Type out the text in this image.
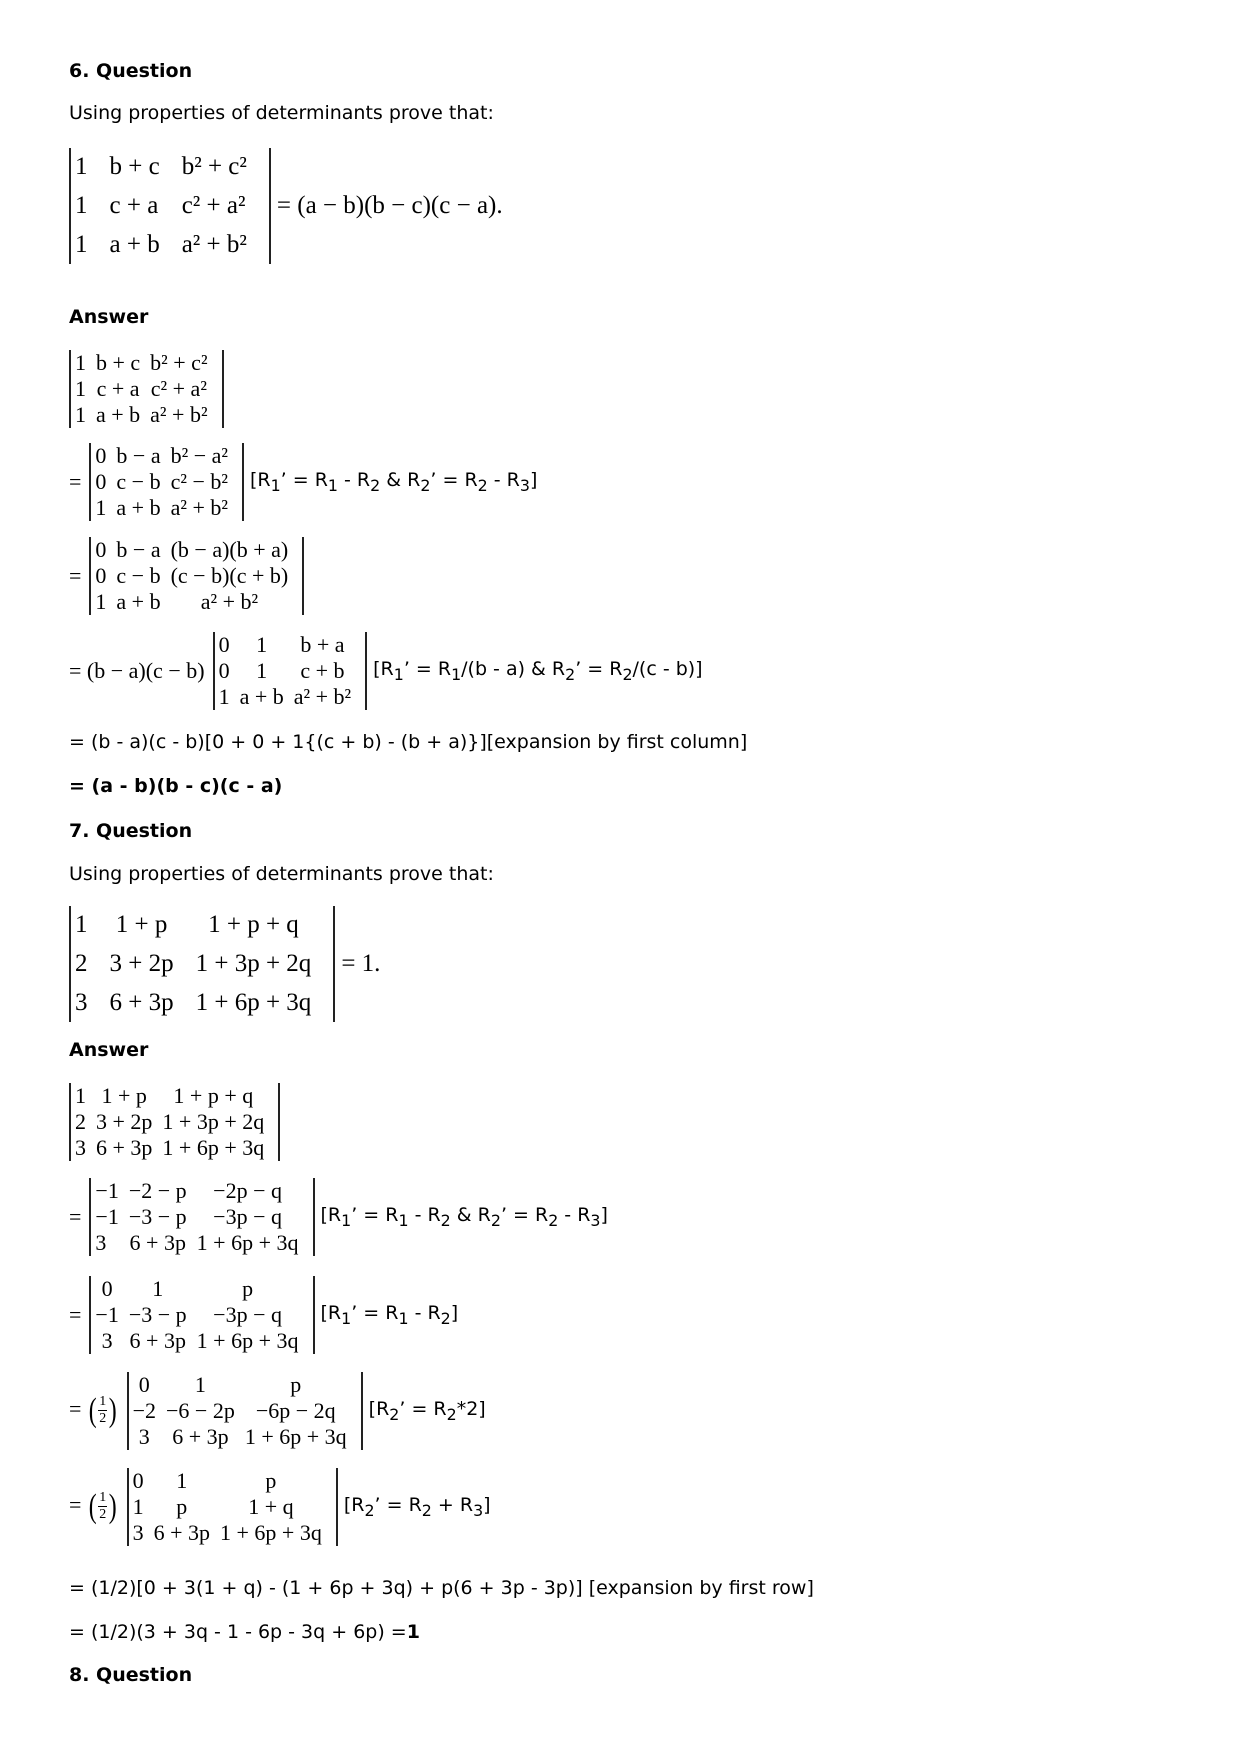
6. Question
Using properties of determinants prove that:
1	b + c	b² + c²
1	c + a	c² + a²
1	a + b	a² + b²
= (a − b)(b − c)(c − a).
Answer
1	b + c	b² + c²
1	c + a	c² + a²
1	a + b	a² + b²
=
0	b − a	b² − a²
0	c − b	c² − b²
1	a + b	a² + b²
[$R_1$’ = $R_1 - R_2$ & $R_2$’ = $R_2 - R_3$]
=
0	b − a	(b − a)(b + a)
0	c − b	(c − b)(c + b)
1	a + b	a² + b²
= (b − a)(c − b)
0	1	b + a
0	1	c + b
1	a + b	a² + b²
[$R_1$’ = $R_1/(b - a)$ & $R_2$’ = $R_2/(c - b)$]
= (b - a)(c - b)[0 + 0 + 1{(c + b) - (b + a)}][expansion by first column]
= (a - b)(b - c)(c - a)
7. Question
Using properties of determinants prove that:
1	1 + p	1 + p + q
2	3 + 2p	1 + 3p + 2q
3	6 + 3p	1 + 6p + 3q
= 1.
Answer
1	1 + p	1 + p + q
2	3 + 2p	1 + 3p + 2q
3	6 + 3p	1 + 6p + 3q
=
−1	−2 − p	−2p − q
−1	−3 − p	−3p − q
3	6 + 3p	1 + 6p + 3q
[$R_1$’ = $R_1 - R_2$ & $R_2$’ = $R_2 - R_3$]
=
0	1	p
−1	−3 − p	−3p − q
3	6 + 3p	1 + 6p + 3q
[$R_1$’ = $R_1 - R_2$]
= ( $\frac{1}{2}$ )
0	1	p
−2	−6 − 2p	−6p − 2q
3	6 + 3p	1 + 6p + 3q
[$R_2$’ = $R_2*2$]
= ( $\frac{1}{2}$ )
0	1	p
1	p	1 + q
3	6 + 3p	1 + 6p + 3q
[$R_2$’ = $R_2 + R_3$]
= (1/2)[0 + 3(1 + q) - (1 + 6p + 3q) + p(6 + 3p - 3p)] [expansion by first row]
= (1/2)(3 + 3q - 1 - 6p - 3q + 6p) =1
8. Question
